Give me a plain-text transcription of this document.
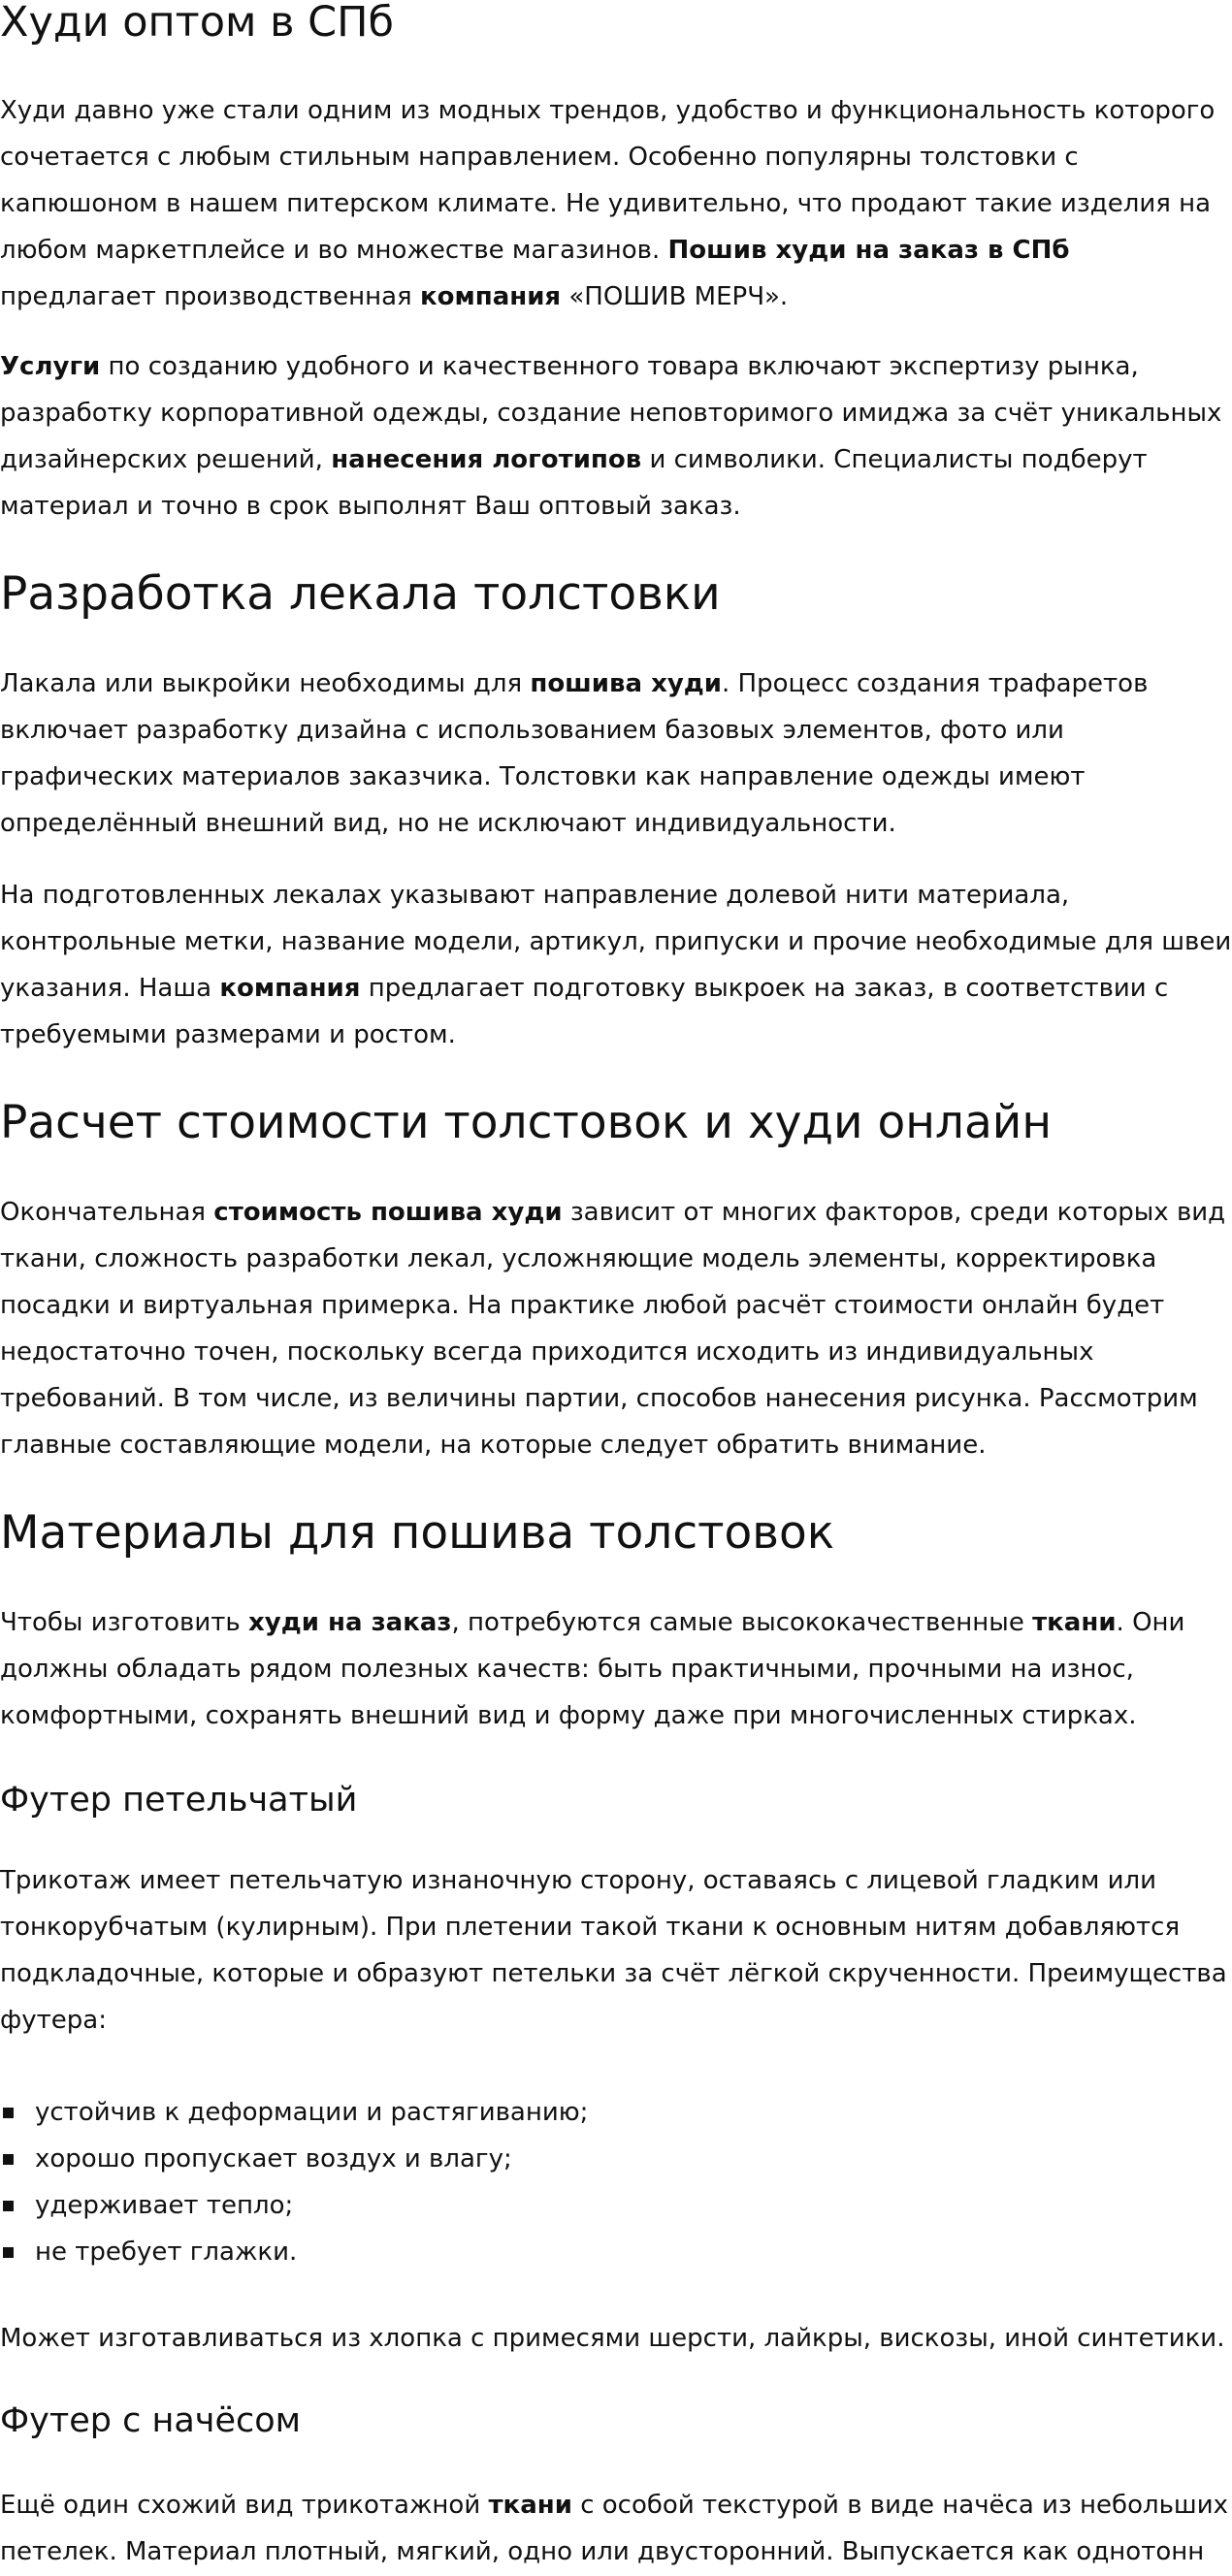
Худи оптом в СПб

Худи давно уже стали одним из модных трендов, удобство и функциональность которого
сочетается с любым стильным направлением. Особенно популярны толстовки с
капюшоном в нашем питерском климате. Не удивительно, что продают такие изделия на
любом маркетплейсе и во множестве магазинов. Пошив худи на заказ в СПб
предлагает производственная компания «ПОШИВ МЕРЧ».

Услуги по созданию удобного и качественного товара включают экспертизу рынка,
разработку корпоративной одежды, создание неповторимого имиджа за счёт уникальных
дизайнерских решений, нанесения логотипов и символики. Специалисты подберут
материал и точно в срок выполнят Ваш оптовый заказ.

Разработка лекала толстовки

Лакала или выкройки необходимы для пошива худи. Процесс создания трафаретов
включает разработку дизайна с использованием базовых элементов, фото или
графических материалов заказчика. Толстовки как направление одежды имеют
определённый внешний вид, но не исключают индивидуальности.

На подготовленных лекалах указывают направление долевой нити материала,
контрольные метки, название модели, артикул, припуски и прочие необходимые для швеи
указания. Наша компания предлагает подготовку выкроек на заказ, в соответствии с
требуемыми размерами и ростом.

Расчет стоимости толстовок и худи онлайн

Окончательная стоимость пошива худи зависит от многих факторов, среди которых вид
ткани, сложность разработки лекал, усложняющие модель элементы, корректировка
посадки и виртуальная примерка. На практике любой расчёт стоимости онлайн будет
недостаточно точен, поскольку всегда приходится исходить из индивидуальных
требований. В том числе, из величины партии, способов нанесения рисунка. Рассмотрим
главные составляющие модели, на которые следует обратить внимание.

Материалы для пошива толстовок

Чтобы изготовить худи на заказ, потребуются самые высококачественные ткани. Они
должны обладать рядом полезных качеств: быть практичными, прочными на износ,
комфортными, сохранять внешний вид и форму даже при многочисленных стирках.

Футер петельчатый

Трикотаж имеет петельчатую изнаночную сторону, оставаясь с лицевой гладким или
тонкорубчатым (кулирным). При плетении такой ткани к основным нитям добавляются
подкладочные, которые и образуют петельки за счёт лёгкой скрученности. Преимущества
футера:

устойчив к деформации и растягиванию;
хорошо пропускает воздух и влагу;
удерживает тепло;
не требует глажки.

Может изготавливаться из хлопка с примесями шерсти, лайкры, вискозы, иной синтетики.

Футер с начёсом

Ещё один схожий вид трикотажной ткани с особой текстурой в виде начёса из небольших
петелек. Материал плотный, мягкий, одно или двусторонний. Выпускается как однотонн
